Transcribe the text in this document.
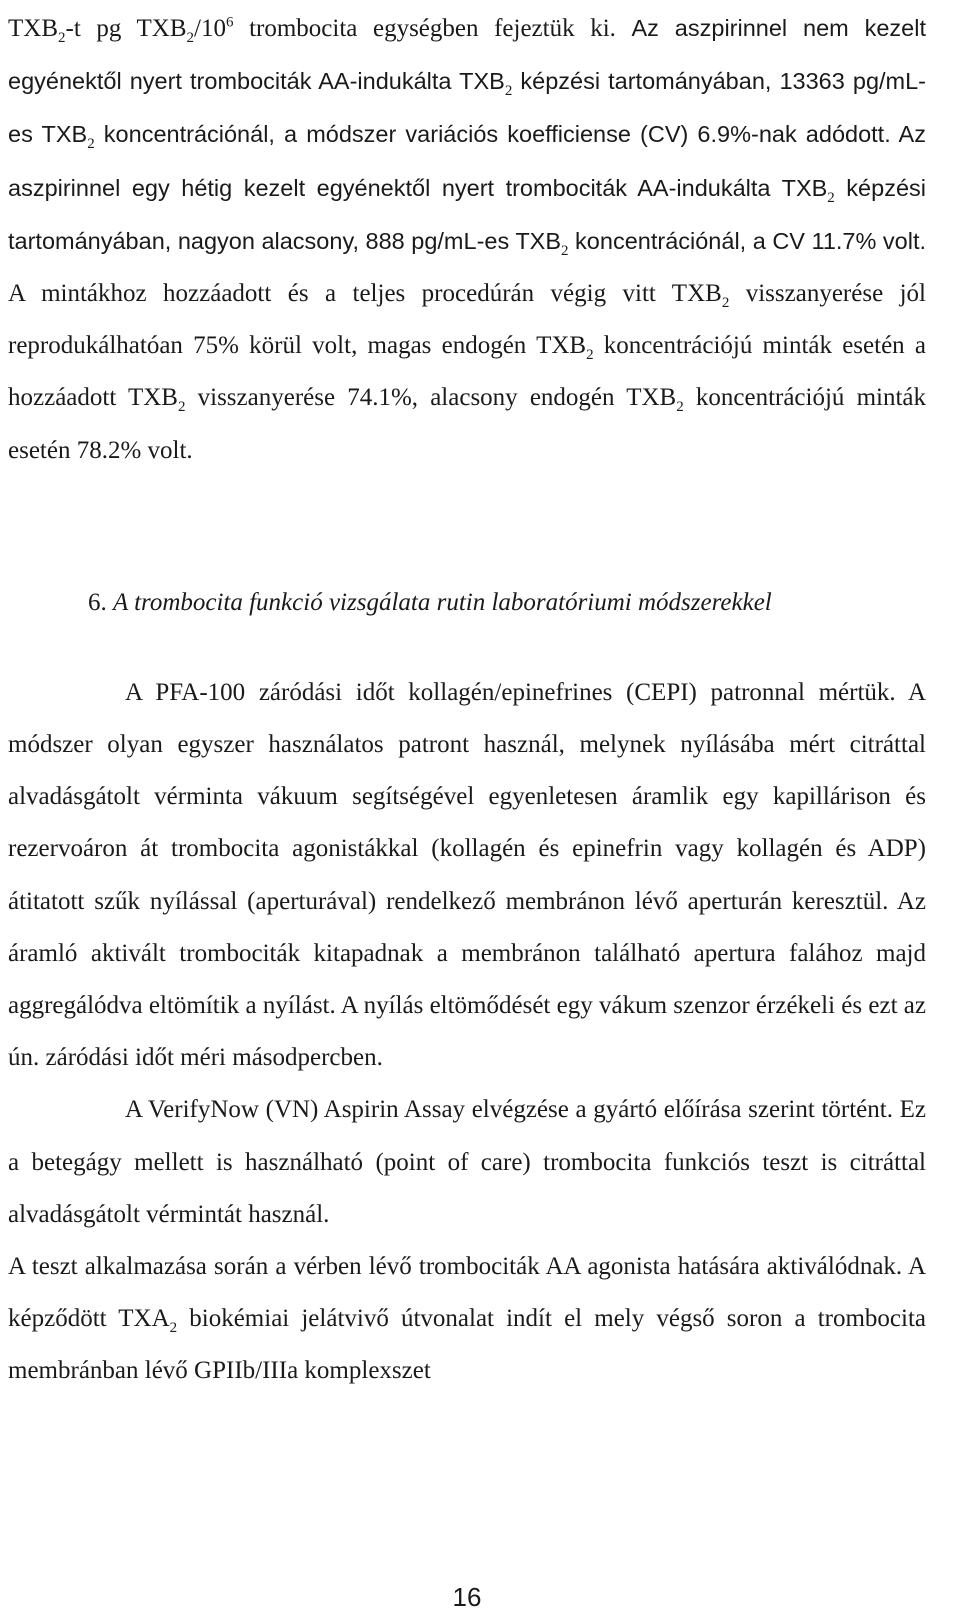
$TXB_2-t$ pg $TXB_2/10^6$ trombocita egységben fejeztük ki. Az aszpirinnel nem kezelt egyénektől nyert trombociták AA-indukálta $TXB_2$ képzési tartományában, 13363 pg/mL-es $TXB_2$ koncentrációnál, a módszer variációs koefficiense (CV) 6.9%-nak adódott. Az aszpirinnel egy hétig kezelt egyénektől nyert trombociták AA-indukálta $TXB_2$ képzési tartományában, nagyon alacsony, 888 pg/mL-es $TXB_2$ koncentrációnál, a CV 11.7% volt. A mintákhoz hozzáadott és a teljes procedúrán végig vitt $TXB_2$ visszanyerése jól reprodukálhatóan 75% körül volt, magas endogén $TXB_2$ koncentrációjú minták esetén a hozzáadott $TXB_2$ visszanyerése 74.1%, alacsony endogén $TXB_2$ koncentrációjú minták esetén 78.2% volt.

6. A trombocita funkció vizsgálata rutin laboratóriumi módszerekkel

A PFA-100 záródási időt kollagén/epinefrines (CEPI) patronnal mértük. A módszer olyan egyszer használatos patront használ, melynek nyílásába mért citráttal alvadásgátolt vérminta vákuum segítségével egyenletesen áramlik egy kapillárison és rezervoáron át trombocita agonistákkal (kollagén és epinefrin vagy kollagén és ADP) átitatott szűk nyílással (aperturával) rendelkező membránon lévő aperturán keresztül. Az áramló aktivált trombociták kitapadnak a membránon található apertura falához majd aggregálódva eltömítik a nyílást. A nyílás eltömődését egy vákum szenzor érzékeli és ezt az ún. záródási időt méri másodpercben.

A VerifyNow (VN) Aspirin Assay elvégzése a gyártó előírása szerint történt. Ez a betegágy mellett is használható (point of care) trombocita funkciós teszt is citráttal alvadásgátolt vérmintát használ.

A teszt alkalmazása során a vérben lévő trombociták AA agonista hatására aktiválódnak. A képződött $TXA_2$ biokémiai jelátvivő útvonalat indít el mely végső soron a trombocita membránban lévő GPIIb/IIIa komplexszet

16
